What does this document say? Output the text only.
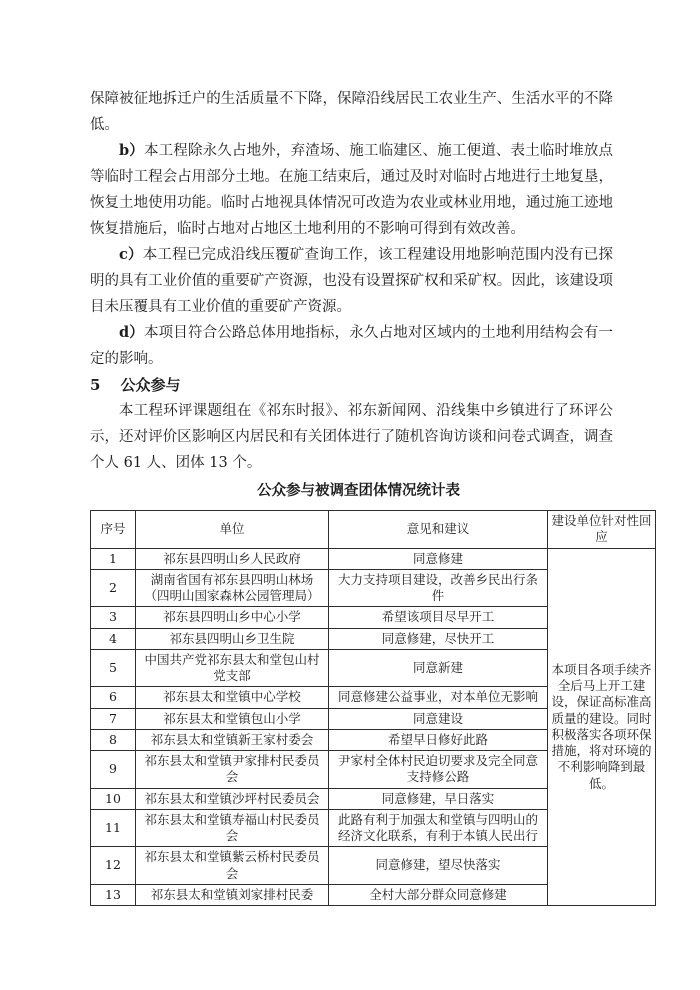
保障被征地拆迁户的生活质量不下降，保障沿线居民工农业生产、生活水平的不降低。

b）本工程除永久占地外，弃渣场、施工临建区、施工便道、表土临时堆放点等临时工程会占用部分土地。在施工结束后，通过及时对临时占地进行土地复垦，恢复土地使用功能。临时占地视具体情况可改造为农业或林业用地，通过施工迹地恢复措施后，临时占地对占地区土地利用的不影响可得到有效改善。

c）本工程已完成沿线压覆矿查询工作，该工程建设用地影响范围内没有已探明的具有工业价值的重要矿产资源，也没有设置探矿权和采矿权。因此，该建设项目未压覆具有工业价值的重要矿产资源。

d）本项目符合公路总体用地指标，永久占地对区域内的土地利用结构会有一定的影响。

5 公众参与

本工程环评课题组在《祁东时报》、祁东新闻网、沿线集中乡镇进行了环评公示，还对评价区影响区内居民和有关团体进行了随机咨询访谈和问卷式调查，调查个人 61 人、团体 13 个。

公众参与被调查团体情况统计表
序号	单位	意见和建议	建设单位针对性回应
1	祁东县四明山乡人民政府	同意修建	本项目各项手续齐全后马上开工建设，保证高标准高质量的建设。同时积极落实各项环保措施，将对环境的不利影响降到最低。
2	湖南省国有祁东县四明山林场（四明山国家森林公园管理局）	大力支持项目建设，改善乡民出行条件	
3	祁东县四明山乡中心小学	希望该项目尽早开工	
4	祁东县四明山乡卫生院	同意修建，尽快开工	
5	中国共产党祁东县太和堂包山村党支部	同意新建	
6	祁东县太和堂镇中心学校	同意修建公益事业，对本单位无影响	
7	祁东县太和堂镇包山小学	同意建设	
8	祁东县太和堂镇新王家村委会	希望早日修好此路	
9	祁东县太和堂镇尹家排村民委员会	尹家村全体村民迫切要求及完全同意支持修公路	
10	祁东县太和堂镇沙坪村民委员会	同意修建，早日落实	
11	祁东县太和堂镇寿福山村民委员会	此路有利于加强太和堂镇与四明山的经济文化联系，有利于本镇人民出行	
12	祁东县太和堂镇紫云桥村民委员会	同意修建，望尽快落实	
13	祁东县太和堂镇刘家排村民委	全村大部分群众同意修建	
